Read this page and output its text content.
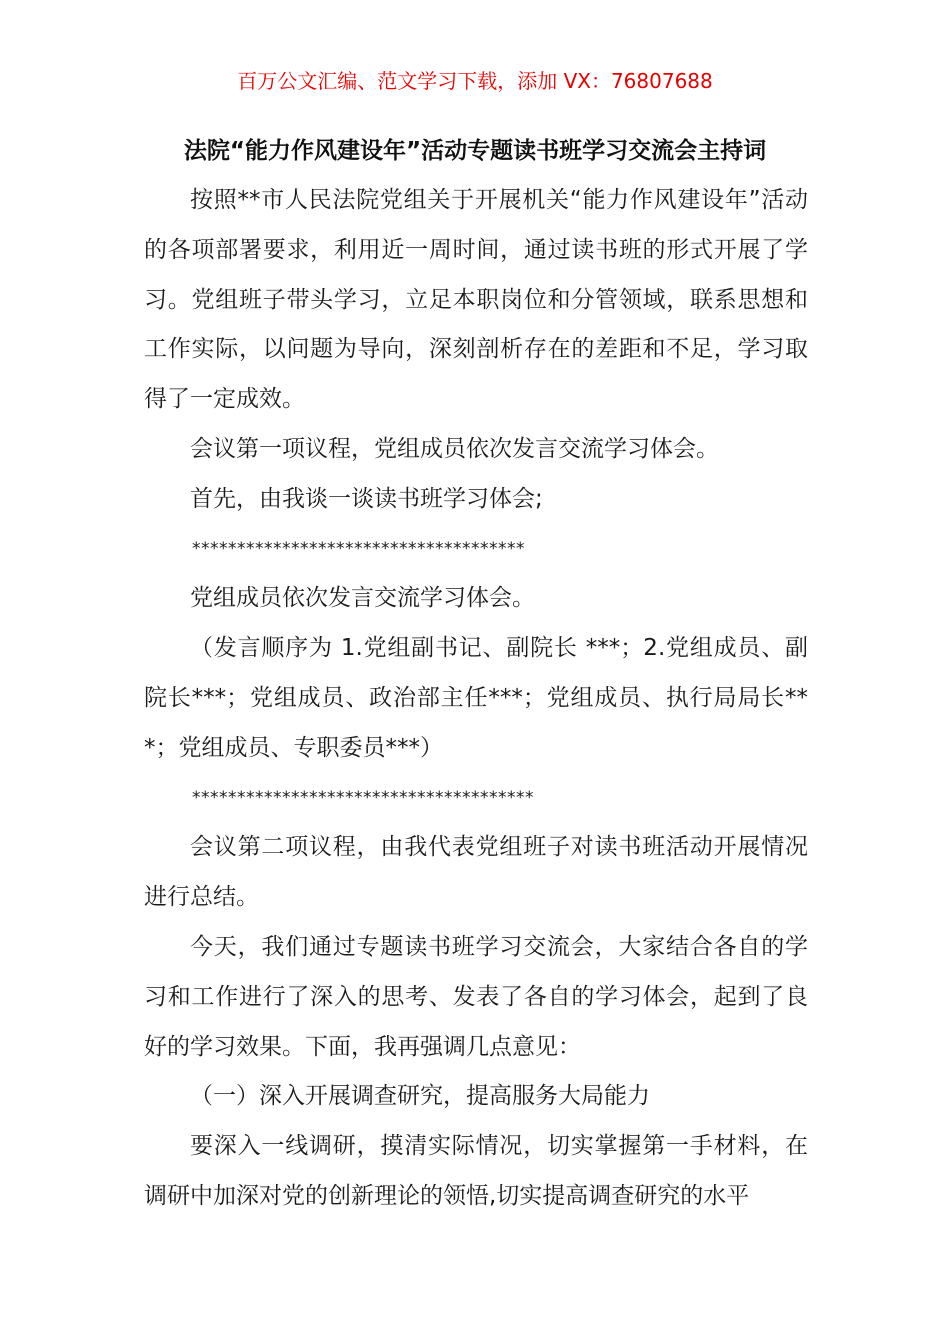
百万公文汇编、范文学习下载，添加 VX：76807688
法院“能力作风建设年”活动专题读书班学习交流会主持词

按照**市人民法院党组关于开展机关“能力作风建设年”活动的各项部署要求，利用近一周时间，通过读书班的形式开展了学习。党组班子带头学习，立足本职岗位和分管领域，联系思想和工作实际，以问题为导向，深刻剖析存在的差距和不足，学习取得了一定成效。

会议第一项议程，党组成员依次发言交流学习体会。

首先，由我谈一谈读书班学习体会;

*************************************

党组成员依次发言交流学习体会。

（发言顺序为 1.党组副书记、副院长 ***；2.党组成员、副院长***；党组成员、政治部主任***；党组成员、执行局局长***；党组成员、专职委员***）

**************************************

会议第二项议程，由我代表党组班子对读书班活动开展情况进行总结。

今天，我们通过专题读书班学习交流会，大家结合各自的学习和工作进行了深入的思考、发表了各自的学习体会，起到了良好的学习效果。下面，我再强调几点意见：

（一）深入开展调查研究，提高服务大局能力

要深入一线调研，摸清实际情况，切实掌握第一手材料，在调研中加深对党的创新理论的领悟,切实提高调查研究的水平
